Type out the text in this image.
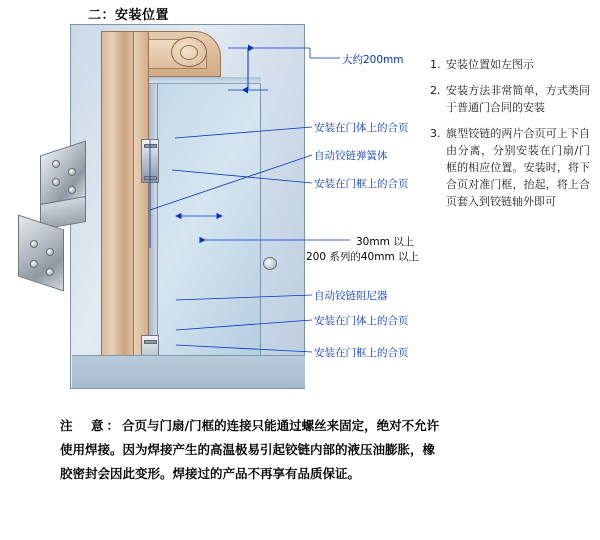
二：安装位置
大约200mm
安装在门体上的合页
自动铰链弹簧体
安装在门框上的合页
30mm 以上
200 系列的40mm 以上
自动铰链阻尼器
安装在门体上的合页
安装在门框上的合页
1. 安装位置如左图示
2. 安装方法非常简单，方式类同于普通门合同的安装
3. 旗型铰链的两片合页可上下自由分离，分别安装在门扇/门框的相应位置。安装时，将下合页对准门框，抬起，将上合页套入到铰链轴外即可
注　意：合页与门扇/门框的连接只能通过螺丝来固定，绝对不允许
使用焊接。因为焊接产生的高温极易引起铰链内部的液压油膨胀，橡
胶密封会因此变形。焊接过的产品不再享有品质保证。
